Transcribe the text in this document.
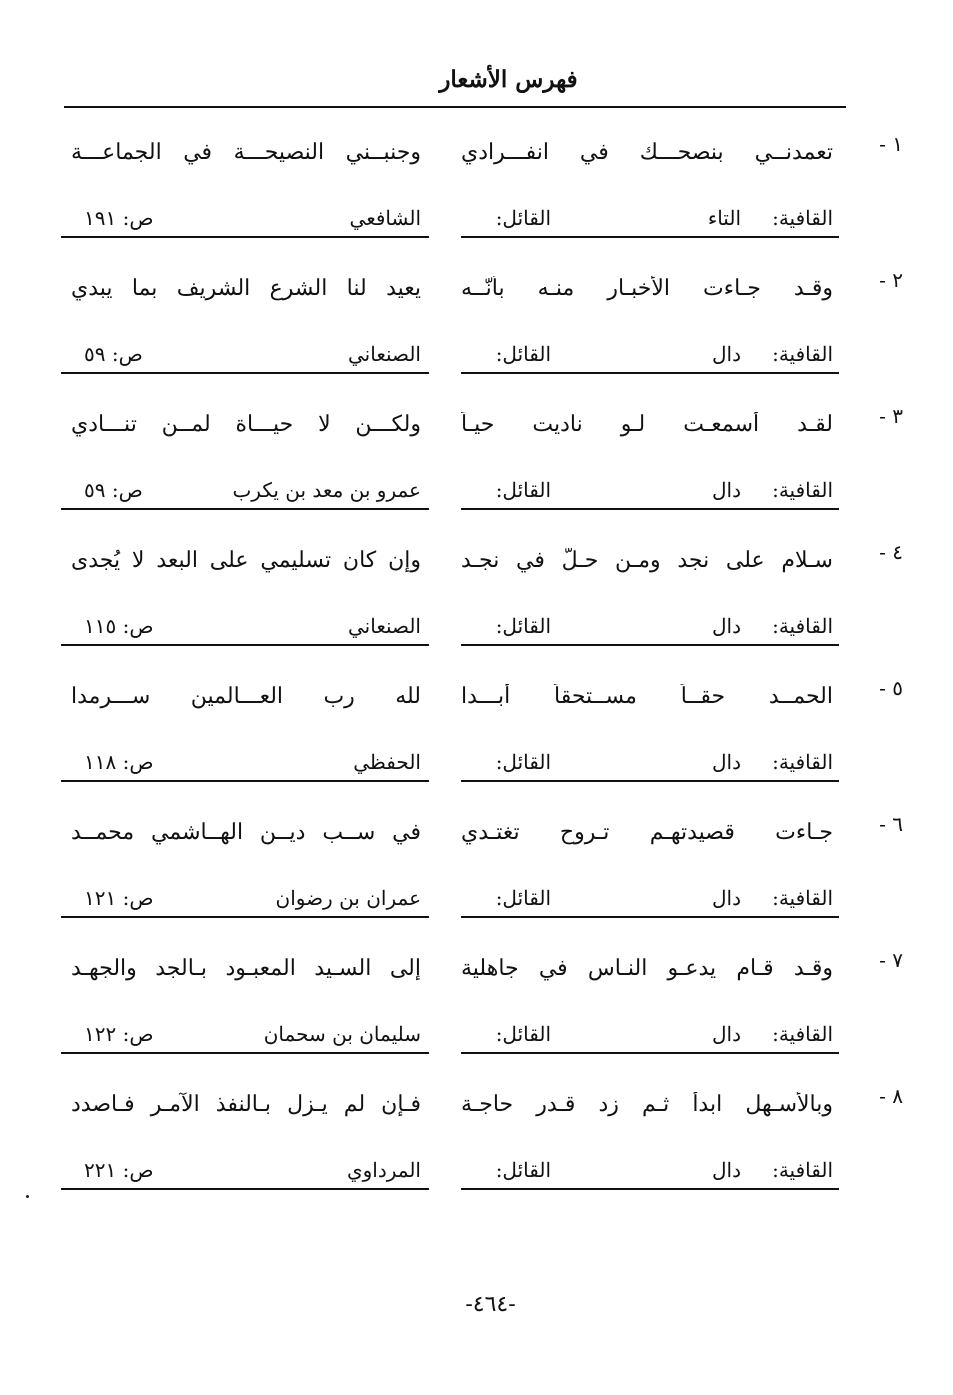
فهرس الأشعار
١ -
تعمدنــي بنصحـــك في انفـــرادي
وجنبــني النصيحـــة في الجماعـــة
القافية:
التاء
القائل:
الشافعي
ص: ١٩١
٢ -
وقـد جـاءت الأخبـار منـه بأنّــه
يعيد لنا الشرع الشريف بما يبدي
القافية:
دال
القائل:
الصنعاني
ص: ٥٩
٣ -
لقـد أسمعـت لـو ناديت حيـاً
ولكـــن لا حيـــاة لمــن تنـــادي
القافية:
دال
القائل:
عمرو بن معد بن يكرب
ص: ٥٩
٤ -
سـلام على نجد ومـن حـلّ في نجـد
وإن كان تسليمي على البعد لا يُجدى
القافية:
دال
القائل:
الصنعاني
ص: ١١٥
٥ -
الحمــد حقــاً مســتحقاً أبـــدا
لله رب العـــالمين ســـرمدا
القافية:
دال
القائل:
الحفظي
ص: ١١٨
٦ -
جـاءت قصيدتهـم تـروح تغتـدي
في ســب ديــن الهــاشمي محمــد
القافية:
دال
القائل:
عمران بن رضوان
ص: ١٢١
٧ -
وقـد قـام يدعـو النـاس في جاهلية
إلى السـيد المعبـود بـالجد والجهـد
القافية:
دال
القائل:
سليمان بن سحمان
ص: ١٢٢
٨ -
وبالأسـهل ابدأ ثـم زد قـدر حاجـة
فـإن لم يـزل بـالنفذ الآمـر فـاصدد
القافية:
دال
القائل:
المرداوي
ص: ٢٢١
-٤٦٤-
